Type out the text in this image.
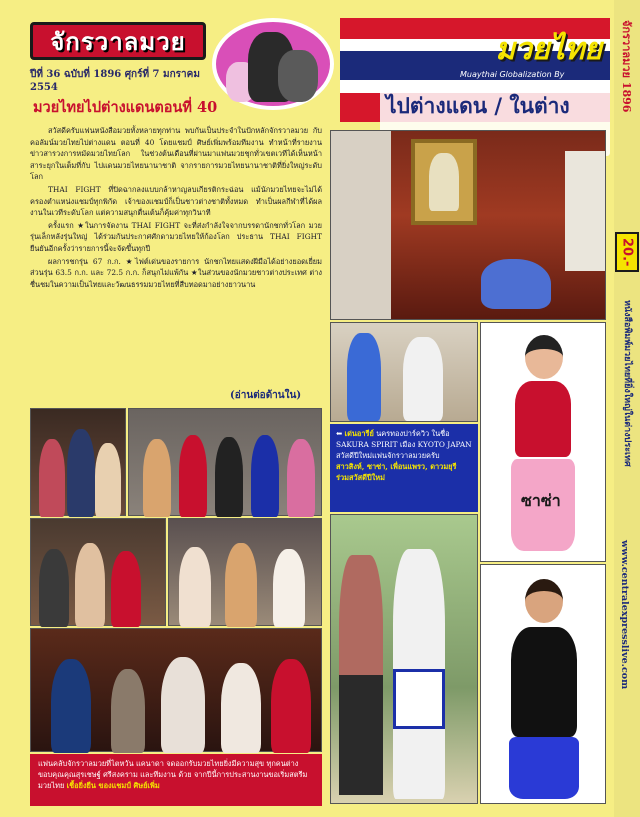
จักรวาลมวย
ปีที่ 36 ฉบับที่ 1896 ศุกร์ที่ 7 มกราคม 2554
มวยไทยไปต่างแดนตอนที่ 40
มวยไทย
Muaythai Globalization By Champ_sapem
ไปต่างแดน / ในต่าง	จักรวาลมวย 1896
20.-
หนังสือพิมพ์มวยไทยที่ยิ่งใหญ่ในต่างประเทศ
www.centralexpresslive.com

สวัสดีครับแฟนหนังสือมวยทั้งหลายทุกท่าน พบกันเป็นประจำในปักหลักจักรวาลมวย กับคอลัมน์มวยไทยไปต่างแดน ตอนที่ 40 โดยแชมป์ ศิษย์เพิ่มพร้อมทีมงาน ทำหน้าที่รายงานข่าวสารวงการหมัดมวยไทยโลก ในช่วงต้นเดือนที่ผ่านมาแฟนมวยชุกทั่วเขตเวทีได้เห็นหน้าสาระยุกในเต็มที่กับ ไปแดนมวยไทยนานาชาติ จากรายการมวยไทยนานาชาติที่ยิ่งใหญ่ระดับโลก

THAI FIGHT ที่ปิดฉากลงแบบกล้าหาญลบเกียรติกระฉ่อน แม้นักมวยไทยจะไม่ได้ครองตำแหน่งแชมป์ทุกพิกัด เจ้าของแชมป์ก็เป็นชาวต่างชาติทั้งหมด ทำเป็นผลกีฬาที่ได้ผลงานในเวทีระดับโลก แต่ความสนุกตื่นเต้นก็คุ้มค่าทุกวินาที

ครั้งแรก ★ในการจัดงาน THAI FIGHT จะที่ส่งกำลังใจจากบรรดานักชกทั่วโลก มวยรุ่นเล็กหลังรุ่นใหญ่ ได้ร่วมกันประกาศศักดามวยไทยให้ก้องโลก ประธาน THAI FIGHT ยืนยันอีกครั้งว่ารายการนี้จะจัดขึ้นทุกปี

ผลการชกรุ่น 67 ก.ก. ★ไฟต์เด่นของรายการ นักชกไทยแสดงฝีมือได้อย่างยอดเยี่ยม ส่วนรุ่น 63.5 ก.ก. และ 72.5 ก.ก. ก็สนุกไม่แพ้กัน ★ในส่วนของนักมวยชาวต่างประเทศ ต่างชื่นชมในความเป็นไทยและวัฒนธรรมมวยไทยที่สืบทอดมาอย่างยาวนาน

(อ่านต่อด้านใน)
ซาซ่า
⬅ เด่นอารีย์ นครทองปาร์ควิว ในชื่อ SAKURA SPIRIT เมือง KYOTO JAPAN สวัสดีปีใหม่แฟนจักรวาลมวยครับ
สาวสิงห์, ซาซ่า, เพื่อนแพรว, ดาวมยุรี ร่วมสวัสดีปีใหม่
แฟนคลับจักรวาลมวยที่ไตหวัน แคนาดา จดออกรับมวยไทยยิ่งมีความสุข ทุกคนต่างขอบคุณคุณสุรเชษฐ์ ศรีสงคราม และทีมงาน ด้วย จากปีนี้การประสานงานขอเริ่มสตรีมมวยไทย เชื้อยิ่งยืน ของแชมป์ ศิษย์เพิ่ม
